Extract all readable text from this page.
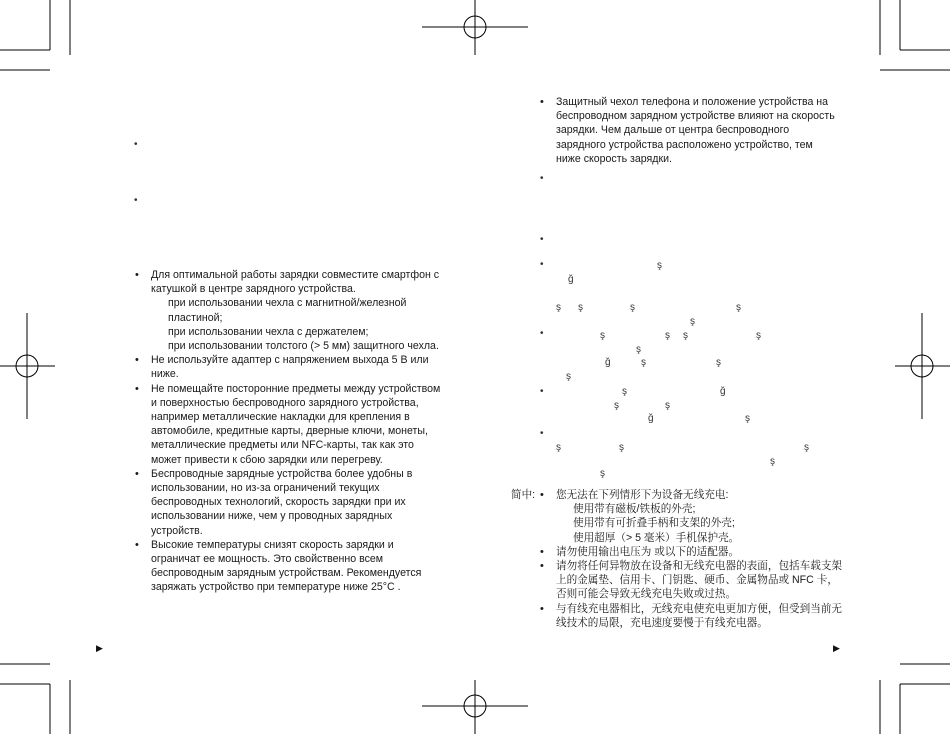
•
•
• Для оптимальной работы зарядки совместите смартфон с катушкой в центре зарядного устройства.
при использовании чехла с магнитной/железной пластиной;
при использовании чехла с держателем;
при использовании толстого (> 5 мм) защитного чехла.
• Не используйте адаптер с напряжением выхода 5 В или ниже.
• Не помещайте посторонние предметы между устройством и поверхностью беспроводного зарядного устройства, например металлические накладки для крепления в автомобиле, кредитные карты, дверные ключи, монеты, металлические предметы или NFC-карты, так как это может привести к сбою зарядки или перегреву.
• Беспроводные зарядные устройства более удобны в использовании, но из-за ограничений текущих беспроводных технологий, скорость зарядки при их использовании ниже, чем у проводных зарядных устройств.
• Высокие температуры снизят скорость зарядки и ограничат ее мощность. Это свойственно всем беспроводным зарядным устройствам. Рекомендуется заряжать устройство при температуре ниже 25°C .
• Защитный чехол телефона и положение устройства на беспроводном зарядном устройстве влияют на скорость зарядки. Чем дальше от центра беспроводного зарядного устройства расположено устройство, тем ниже скорость зарядки.
•
•
•
•
•
•
ş
ğ
ş ş	ş	ş
ş
ş	ş ş	ş
ş
ğ	ş	ş
ş
ş	ğ
ş	ş
ğ	ş
ş	ş	ş
ş
ş
简中:
•	您无法在下列情形下为设备无线充电:
使用带有磁板/铁板的外壳;
使用带有可折叠手柄和支架的外壳;
使用超厚（> 5 毫米）手机保护壳。
• 请勿使用输出电压为 或以下的适配器。
• 请勿将任何异物放在设备和无线充电器的表面，包括车载支架上的金属垫、信用卡、门钥匙、硬币、金属物品或 NFC 卡，否则可能会导致无线充电失败或过热。
• 与有线充电器相比，无线充电使充电更加方便，但受到当前无线技术的局限，充电速度要慢于有线充电器。
▶	▶
